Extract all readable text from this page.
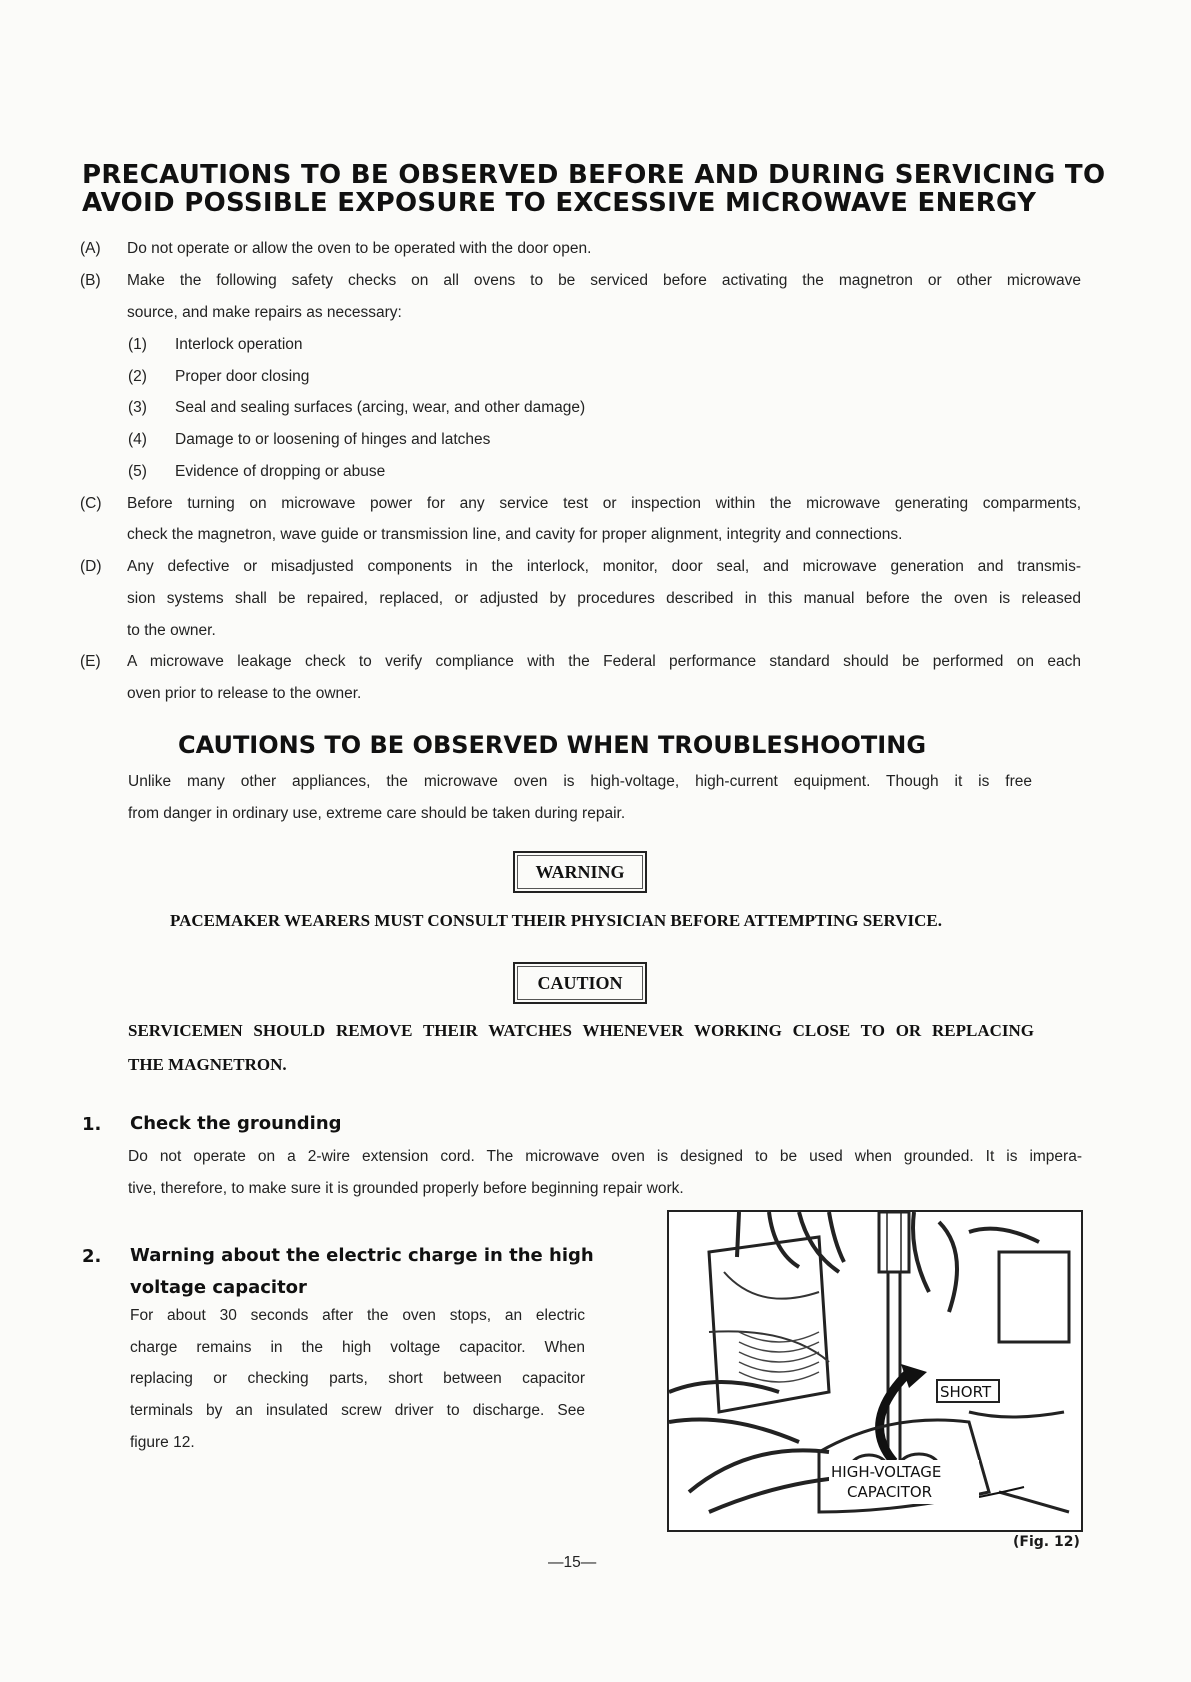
PRECAUTIONS TO BE OBSERVED BEFORE AND DURING SERVICING TO
AVOID POSSIBLE EXPOSURE TO EXCESSIVE MICROWAVE ENERGY
(A) Do not operate or allow the oven to be operated with the door open.
(B) Make the following safety checks on all ovens to be serviced before activating the magnetron or other microwave
source, and make repairs as necessary:
(1) Interlock operation
(2) Proper door closing
(3) Seal and sealing surfaces (arcing, wear, and other damage)
(4) Damage to or loosening of hinges and latches
(5) Evidence of dropping or abuse
(C) Before turning on microwave power for any service test or inspection within the microwave generating comparments,
check the magnetron, wave guide or transmission line, and cavity for proper alignment, integrity and connections.
(D) Any defective or misadjusted components in the interlock, monitor, door seal, and microwave generation and transmis-
sion systems shall be repaired, replaced, or adjusted by procedures described in this manual before the oven is released
to the owner.
(E) A microwave leakage check to verify compliance with the Federal performance standard should be performed on each
oven prior to release to the owner.
CAUTIONS TO BE OBSERVED WHEN TROUBLESHOOTING
Unlike many other appliances, the microwave oven is high-voltage, high-current equipment. Though it is free
from danger in ordinary use, extreme care should be taken during repair.
WARNING
PACEMAKER WEARERS MUST CONSULT THEIR PHYSICIAN BEFORE ATTEMPTING SERVICE.
CAUTION
SERVICEMEN SHOULD REMOVE THEIR WATCHES WHENEVER WORKING CLOSE TO OR REPLACING
THE MAGNETRON.
1. Check the grounding
Do not operate on a 2-wire extension cord. The microwave oven is designed to be used when grounded. It is impera-
tive, therefore, to make sure it is grounded properly before beginning repair work.
2. Warning about the electric charge in the high
voltage capacitor
For about 30 seconds after the oven stops, an electric
charge remains in the high voltage capacitor. When
replacing or checking parts, short between capacitor
terminals by an insulated screw driver to discharge. See
figure 12.
SHORT
HIGH-VOLTAGE
CAPACITOR
(Fig. 12)
—15—
